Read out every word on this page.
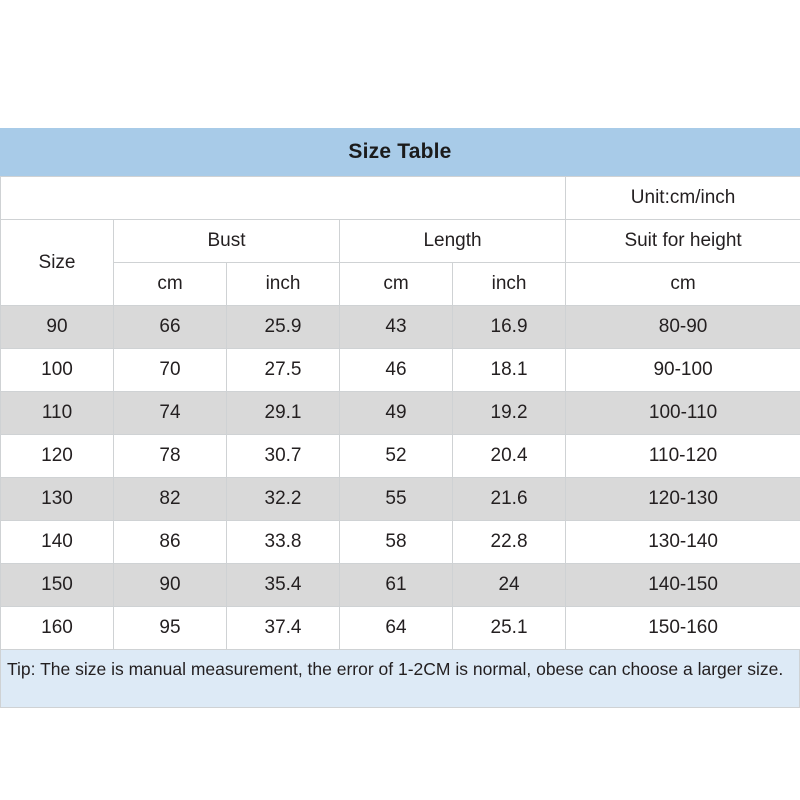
Size Table
					Unit:cm/inch
Size	Bust		Length		Suit for height
	cm	inch	cm	inch	cm
90	66	25.9	43	16.9	80-90
100	70	27.5	46	18.1	90-100
110	74	29.1	49	19.2	100-110
120	78	30.7	52	20.4	110-120
130	82	32.2	55	21.6	120-130
140	86	33.8	58	22.8	130-140
150	90	35.4	61	24	140-150
160	95	37.4	64	25.1	150-160
Tip: The size is manual measurement, the error of 1-2CM is normal, obese can choose a larger size.
